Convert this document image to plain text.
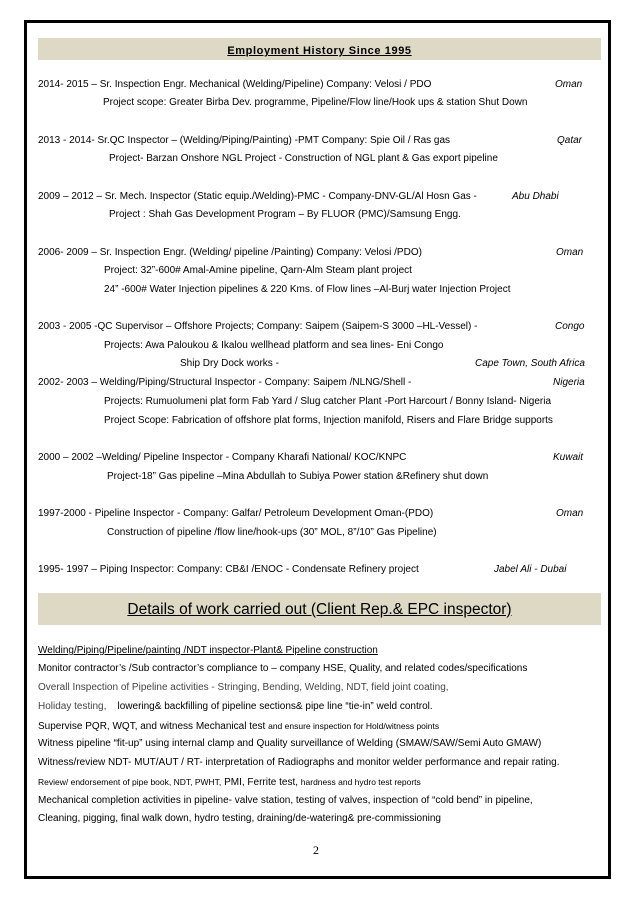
Employment History Since 1995
2014- 2015 – Sr. Inspection Engr. Mechanical (Welding/Pipeline) Company: Velosi / PDO	Oman
Project scope: Greater Birba Dev. programme, Pipeline/Flow line/Hook ups & station Shut Down
2013 - 2014- Sr.QC Inspector – (Welding/Piping/Painting) -PMT Company: Spie Oil / Ras gas	Qatar
Project- Barzan Onshore NGL Project - Construction of NGL plant & Gas export pipeline
2009 – 2012 – Sr. Mech. Inspector (Static equip./Welding)-PMC - Company-DNV-GL/Al Hosn Gas -	Abu Dhabi
Project : Shah Gas Development Program – By FLUOR (PMC)/Samsung Engg.
2006- 2009 – Sr. Inspection Engr. (Welding/ pipeline /Painting) Company: Velosi /PDO)	Oman
Project: 32”-600# Amal-Amine pipeline, Qarn-Alm Steam plant project
24” -600# Water Injection pipelines & 220 Kms. of Flow lines –Al-Burj water Injection Project
2003 - 2005 -QC Supervisor – Offshore Projects; Company: Saipem (Saipem-S 3000 –HL-Vessel) -	Congo
Projects: Awa Paloukou & Ikalou wellhead platform and sea lines- Eni Congo
Ship Dry Dock works -	Cape Town, South Africa
2002- 2003 – Welding/Piping/Structural Inspector - Company: Saipem /NLNG/Shell -	Nigeria
Projects: Rumuolumeni plat form Fab Yard / Slug catcher Plant -Port Harcourt / Bonny Island- Nigeria
Project Scope: Fabrication of offshore plat forms, Injection manifold, Risers and Flare Bridge supports
2000 – 2002 –Welding/ Pipeline Inspector - Company Kharafi National/ KOC/KNPC	Kuwait
Project-18” Gas pipeline –Mina Abdullah to Subiya Power station &Refinery shut down
1997-2000 - Pipeline Inspector - Company: Galfar/ Petroleum Development Oman-(PDO)	Oman
Construction of pipeline /flow line/hook-ups (30” MOL, 8”/10” Gas Pipeline)
1995- 1997 – Piping Inspector: Company: CB&I /ENOC - Condensate Refinery project	Jabel Ali - Dubai
Details of work carried out (Client Rep.& EPC inspector)
Welding/Piping/Pipeline/painting /NDT inspector-Plant& Pipeline construction
Monitor contractor’s /Sub contractor’s compliance to – company HSE, Quality, and related codes/specifications
Overall Inspection of Pipeline activities - Stringing, Bending, Welding, NDT, field joint coating,
Holiday testing, lowering& backfilling of pipeline sections& pipe line “tie-in” weld control.
Supervise PQR, WQT, and witness Mechanical test and ensure inspection for Hold/witness points
Witness pipeline “fit-up” using internal clamp and Quality surveillance of Welding (SMAW/SAW/Semi Auto GMAW)
Witness/review NDT- MUT/AUT / RT- interpretation of Radiographs and monitor welder performance and repair rating.
Review/ endorsement of pipe book, NDT, PWHT, PMI, Ferrite test, hardness and hydro test reports
Mechanical completion activities in pipeline- valve station, testing of valves, inspection of “cold bend” in pipeline,
Cleaning, pigging, final walk down, hydro testing, draining/de-watering& pre-commissioning
2
